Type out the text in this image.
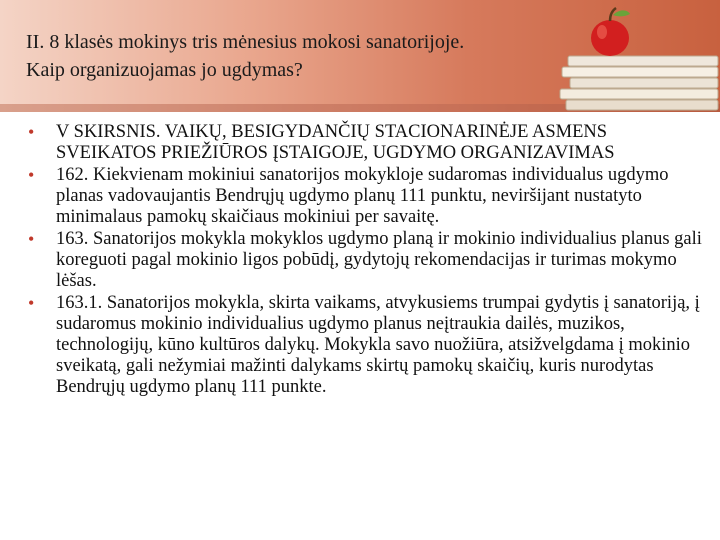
II. 8 klasės mokinys tris mėnesius mokosi sanatorijoje.
Kaip organizuojamas jo ugdymas?
• V SKIRSNIS. VAIKŲ, BESIGYDANČIŲ STACIONARINĖJE ASMENS SVEIKATOS PRIEŽIŪROS ĮSTAIGOJE, UGDYMO ORGANIZAVIMAS
• 162. Kiekvienam mokiniui sanatorijos mokykloje sudaromas individualus ugdymo planas vadovaujantis Bendrųjų ugdymo planų 111 punktu, neviršijant nustatyto minimalaus pamokų skaičiaus mokiniui per savaitę.
• 163. Sanatorijos mokykla mokyklos ugdymo planą ir mokinio individualius planus gali koreguoti pagal mokinio ligos pobūdį, gydytojų rekomendacijas ir turimas mokymo lėšas.
• 163.1. Sanatorijos mokykla, skirta vaikams, atvykusiems trumpai gydytis į sanatoriją, į sudaromus mokinio individualius ugdymo planus neįtraukia dailės, muzikos, technologijų, kūno kultūros dalykų. Mokykla savo nuožiūra, atsižvelgdama į mokinio sveikatą, gali nežymiai mažinti dalykams skirtų pamokų skaičių, kuris nurodytas Bendrųjų ugdymo planų 111 punkte.
